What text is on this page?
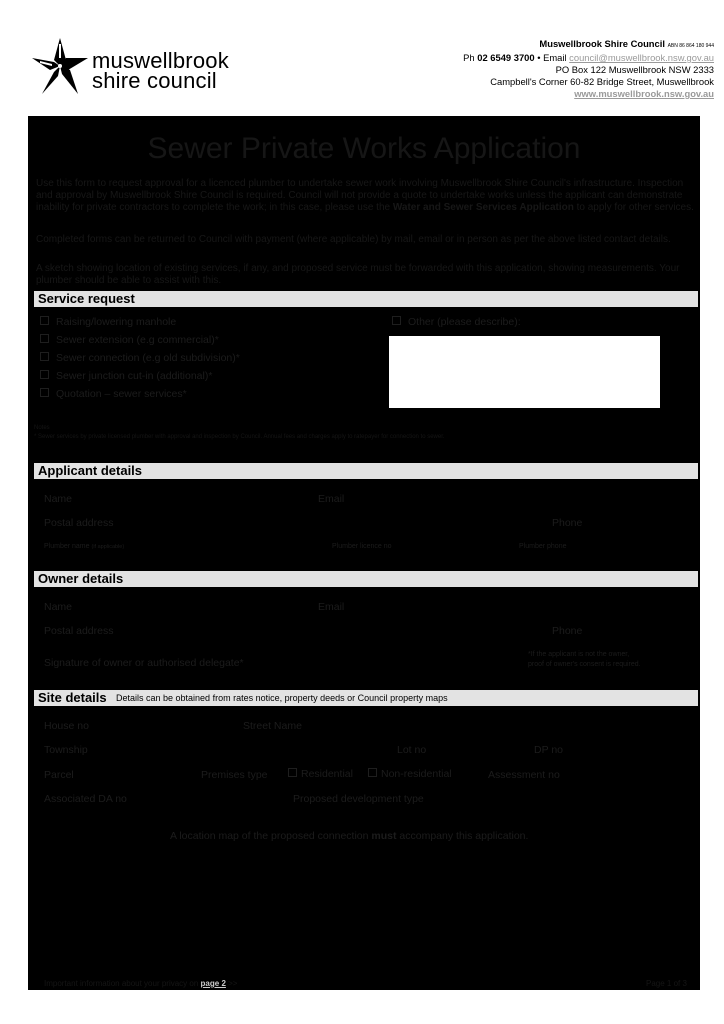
muswellbrook
shire council
Muswellbrook Shire Council ABN 86 864 180 944
Ph 02 6549 3700 • Email council@muswellbrook.nsw.gov.au
PO Box 122 Muswellbrook NSW 2333
Campbell's Corner 60-82 Bridge Street, Muswellbrook
www.muswellbrook.nsw.gov.au
Sewer Private Works Application
Use this form to request approval for a licenced plumber to undertake sewer work involving Muswellbrook Shire Council's infrastructure. Inspection and approval by Muswellbrook Shire Council is required. Council will not provide a quote to undertake works unless the applicant can demonstrate inability for private contractors to complete the work; in this case, please use the Water and Sewer Services Application to apply for other services.
Completed forms can be returned to Council with payment (where applicable) by mail, email or in person as per the above listed contact details.
A sketch showing location of existing services, if any, and proposed service must be forwarded with this application, showing measurements. Your plumber should be able to assist with this.
Service request
Raising/lowering manhole
Sewer extension (e.g commercial)*
Sewer connection (e.g old subdivision)*
Sewer junction cut-in (additional)*
Quotation – sewer services*
Other (please describe):
Notes
* Sewer services by private licensed plumber with approval and inspection by Council. Annual fees and charges apply to ratepayer for connection to sewer.
Applicant details
Name	Email
Postal address	Phone
Plumber name (if applicable)	Plumber licence no	Plumber phone
Owner details
Name	Email
Postal address	Phone
Signature of owner or authorised delegate*
*If the applicant is not the owner,
proof of owner's consent is required.
Site details Details can be obtained from rates notice, property deeds or Council property maps
House no	Street Name
Township	Lot no	DP no
Parcel	Premises type	Residential	Non-residential	Assessment no
Associated DA no	Proposed development type
A location map of the proposed connection must accompany this application.
Important information about your privacy on page 2 >>	Page 1 of 3
